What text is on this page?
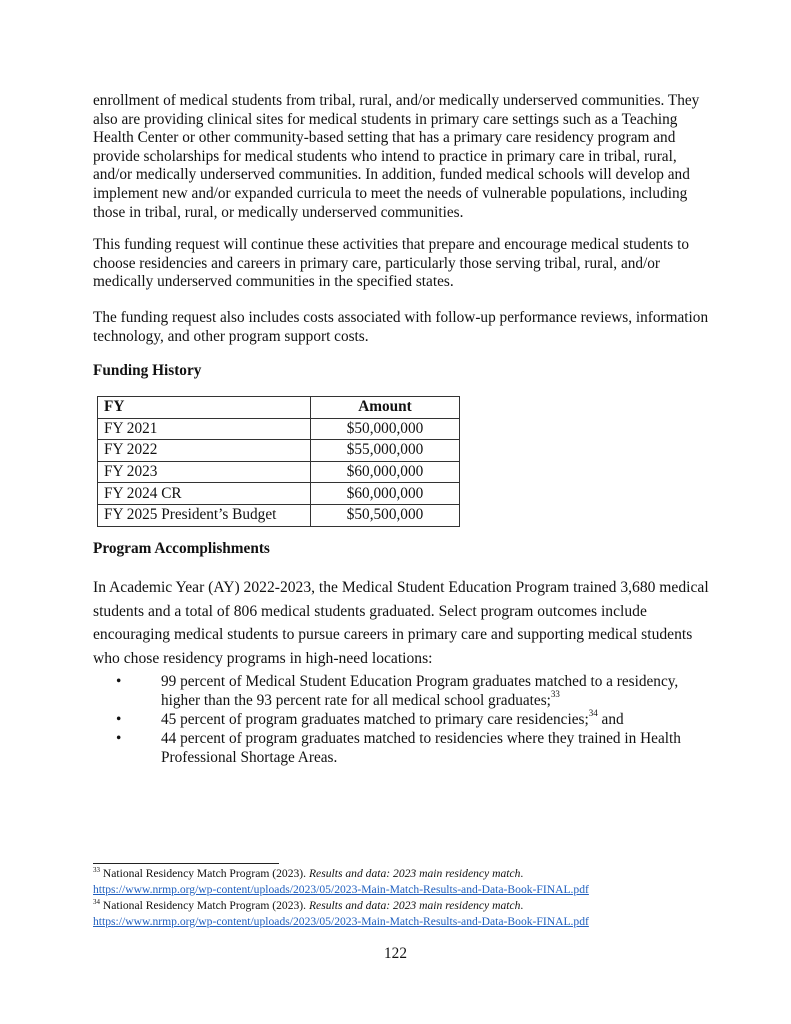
enrollment of medical students from tribal, rural, and/or medically underserved communities. They also are providing clinical sites for medical students in primary care settings such as a Teaching Health Center or other community-based setting that has a primary care residency program and provide scholarships for medical students who intend to practice in primary care in tribal, rural, and/or medically underserved communities. In addition, funded medical schools will develop and implement new and/or expanded curricula to meet the needs of vulnerable populations, including those in tribal, rural, or medically underserved communities.

This funding request will continue these activities that prepare and encourage medical students to choose residencies and careers in primary care, particularly those serving tribal, rural, and/or medically underserved communities in the specified states.

The funding request also includes costs associated with follow-up performance reviews, information technology, and other program support costs.

Funding History
FY	Amount
FY 2021	$50,000,000
FY 2022	$55,000,000
FY 2023	$60,000,000
FY 2024 CR	$60,000,000
FY 2025 President’s Budget	$50,500,000
Program Accomplishments

In Academic Year (AY) 2022-2023, the Medical Student Education Program trained 3,680 medical students and a total of 806 medical students graduated. Select program outcomes include encouraging medical students to pursue careers in primary care and supporting medical students who chose residency programs in high-need locations:

•	99 percent of Medical Student Education Program graduates matched to a residency, higher than the 93 percent rate for all medical school graduates;$^{33}$
•	45 percent of program graduates matched to primary care residencies;$^{34}$ and
•	44 percent of program graduates matched to residencies where they trained in Health Professional Shortage Areas.
$^{33}$ National Residency Match Program (2023). Results and data: 2023 main residency match.
https://www.nrmp.org/wp-content/uploads/2023/05/2023-Main-Match-Results-and-Data-Book-FINAL.pdf
$^{34}$ National Residency Match Program (2023). Results and data: 2023 main residency match.
https://www.nrmp.org/wp-content/uploads/2023/05/2023-Main-Match-Results-and-Data-Book-FINAL.pdf
122
